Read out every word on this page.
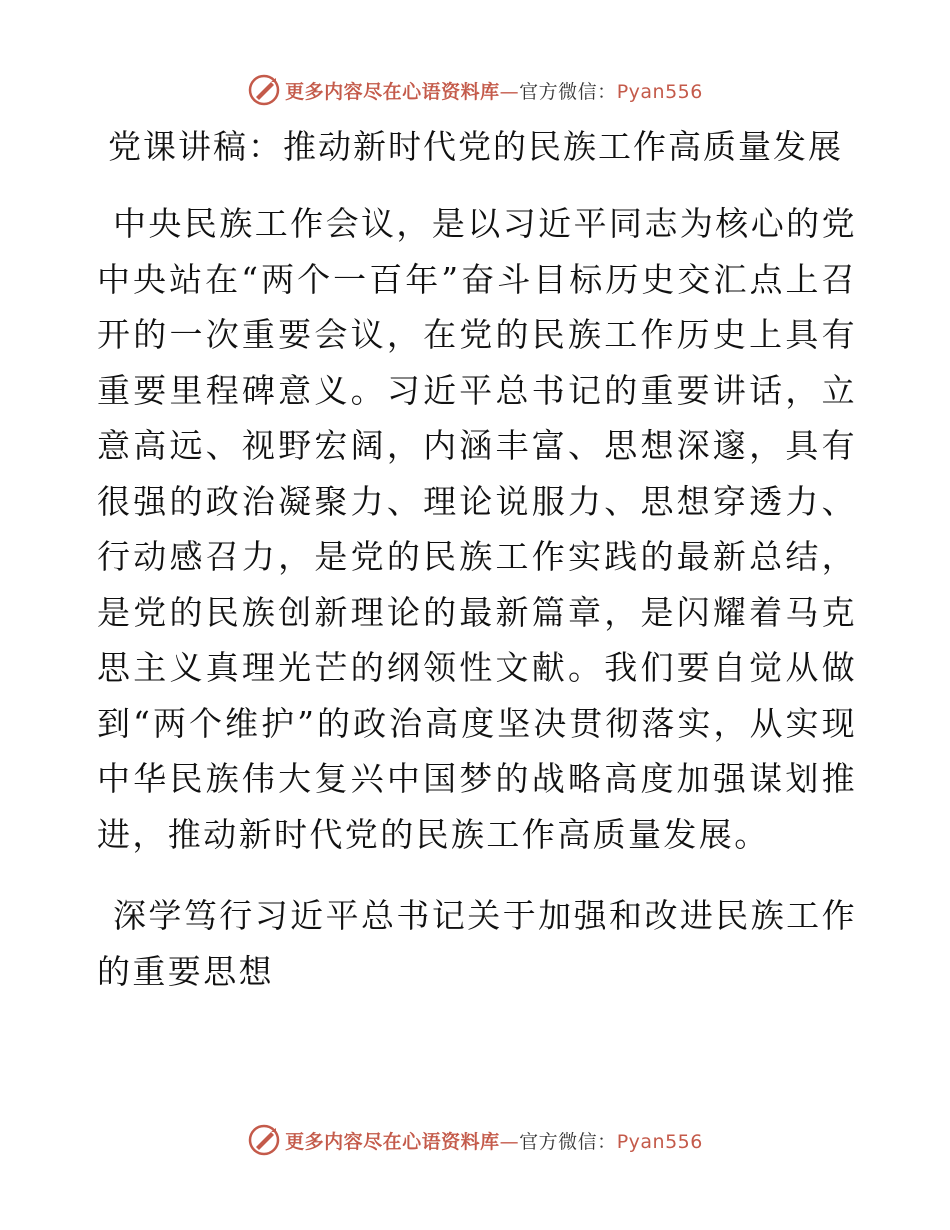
更多内容尽在心语资料库—官方微信：Pyan556
党课讲稿：推动新时代党的民族工作高质量发展

中央民族工作会议，是以习近平同志为核心的党中央站在“两个一百年”奋斗目标历史交汇点上召开的一次重要会议，在党的民族工作历史上具有重要里程碑意义。习近平总书记的重要讲话，立意高远、视野宏阔，内涵丰富、思想深邃，具有很强的政治凝聚力、理论说服力、思想穿透力、行动感召力，是党的民族工作实践的最新总结，是党的民族创新理论的最新篇章，是闪耀着马克思主义真理光芒的纲领性文献。我们要自觉从做到“两个维护”的政治高度坚决贯彻落实，从实现中华民族伟大复兴中国梦的战略高度加强谋划推进，推动新时代党的民族工作高质量发展。

深学笃行习近平总书记关于加强和改进民族工作的重要思想

更多内容尽在心语资料库—官方微信：Pyan556
